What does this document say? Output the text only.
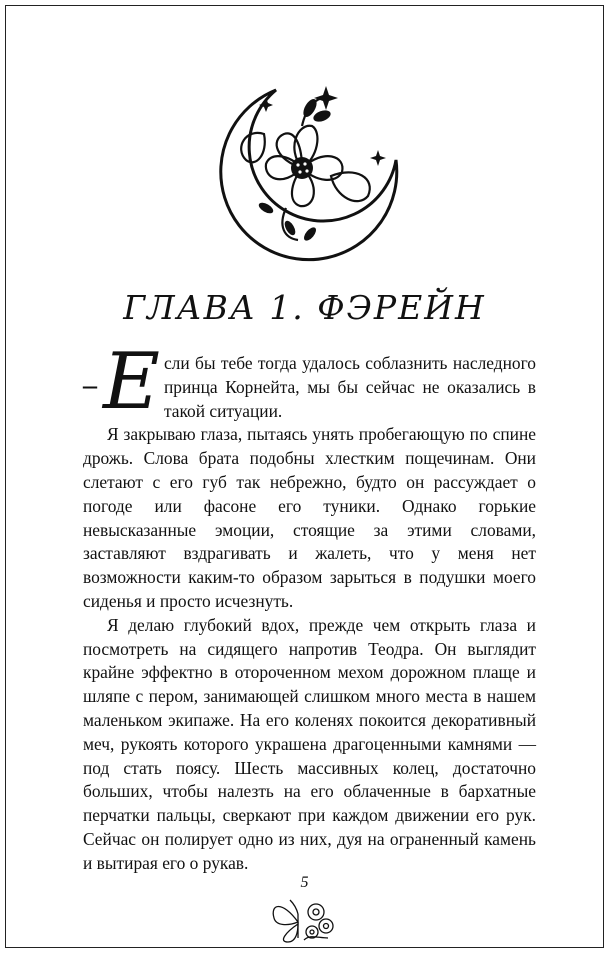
ГЛАВА 1. ФЭРЕЙН

– Е сли бы тебе тогда удалось соблазнить наследного принца Корнейта, мы бы сейчас не оказались в такой ситуации.

Я закрываю глаза, пытаясь унять пробегающую по спине дрожь. Слова брата подобны хлестким пощечинам. Они слетают с его губ так небрежно, будто он рассуждает о погоде или фасоне его туники. Однако горькие невысказанные эмоции, стоящие за этими словами, заставляют вздрагивать и жалеть, что у меня нет возможности каким-то образом зарыться в подушки моего сиденья и просто исчезнуть.

Я делаю глубокий вдох, прежде чем открыть глаза и посмотреть на сидящего напротив Теодра. Он выглядит крайне эффектно в отороченном мехом дорожном плаще и шляпе с пером, занимающей слишком много места в нашем маленьком экипаже. На его коленях покоится декоративный меч, рукоять которого украшена драгоценными камнями — под стать поясу. Шесть массивных колец, достаточно больших, чтобы налезть на его облаченные в бархатные перчатки пальцы, сверкают при каждом движении его рук. Сейчас он полирует одно из них, дуя на ограненный камень и вытирая его о рукав.

5
